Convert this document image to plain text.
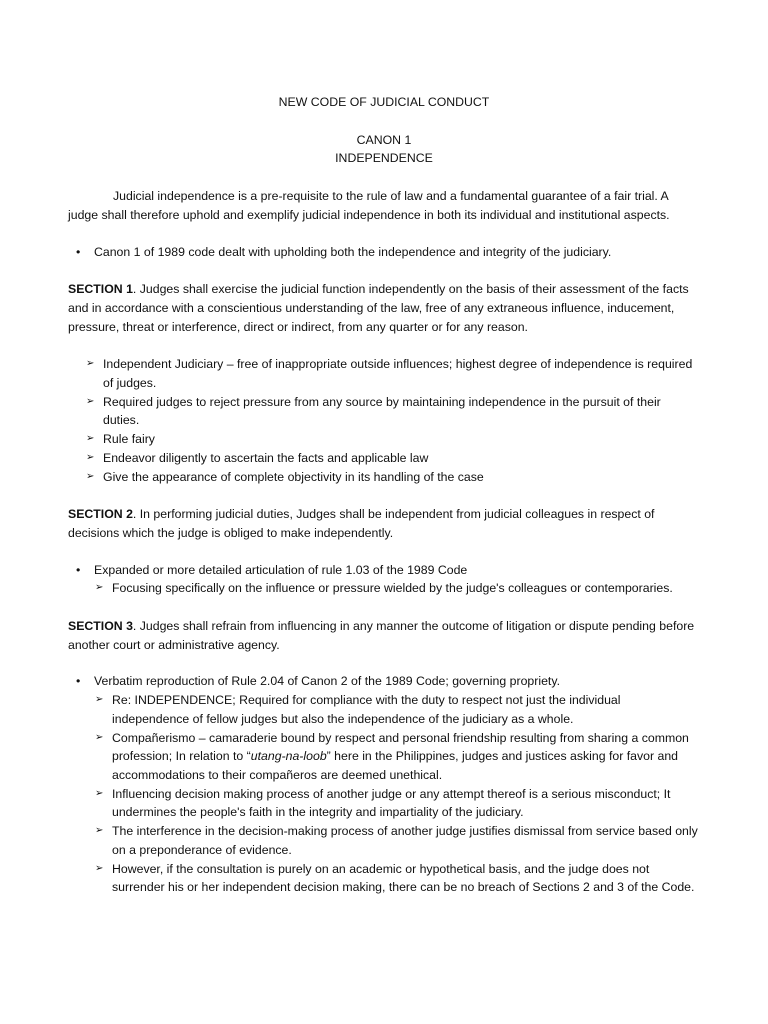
NEW CODE OF JUDICIAL CONDUCT
CANON 1
INDEPENDENCE
Judicial independence is a pre-requisite to the rule of law and a fundamental guarantee of a fair trial. A judge shall therefore uphold and exemplify judicial independence in both its individual and institutional aspects.
• Canon 1 of 1989 code dealt with upholding both the independence and integrity of the judiciary.
SECTION 1. Judges shall exercise the judicial function independently on the basis of their assessment of the facts and in accordance with a conscientious understanding of the law, free of any extraneous influence, inducement, pressure, threat or interference, direct or indirect, from any quarter or for any reason.
➢ Independent Judiciary – free of inappropriate outside influences; highest degree of independence is required of judges.
➢ Required judges to reject pressure from any source by maintaining independence in the pursuit of their duties.
➢ Rule fairy
➢ Endeavor diligently to ascertain the facts and applicable law
➢ Give the appearance of complete objectivity in its handling of the case
SECTION 2. In performing judicial duties, Judges shall be independent from judicial colleagues in respect of decisions which the judge is obliged to make independently.
• Expanded or more detailed articulation of rule 1.03 of the 1989 Code
➢ Focusing specifically on the influence or pressure wielded by the judge's colleagues or contemporaries.
SECTION 3. Judges shall refrain from influencing in any manner the outcome of litigation or dispute pending before another court or administrative agency.
• Verbatim reproduction of Rule 2.04 of Canon 2 of the 1989 Code; governing propriety.
➢ Re: INDEPENDENCE; Required for compliance with the duty to respect not just the individual independence of fellow judges but also the independence of the judiciary as a whole.
➢ Compañerismo – camaraderie bound by respect and personal friendship resulting from sharing a common profession; In relation to “utang-na-loob” here in the Philippines, judges and justices asking for favor and accommodations to their compañeros are deemed unethical.
➢ Influencing decision making process of another judge or any attempt thereof is a serious misconduct; It undermines the people's faith in the integrity and impartiality of the judiciary.
➢ The interference in the decision-making process of another judge justifies dismissal from service based only on a preponderance of evidence.
➢ However, if the consultation is purely on an academic or hypothetical basis, and the judge does not surrender his or her independent decision making, there can be no breach of Sections 2 and 3 of the Code.
